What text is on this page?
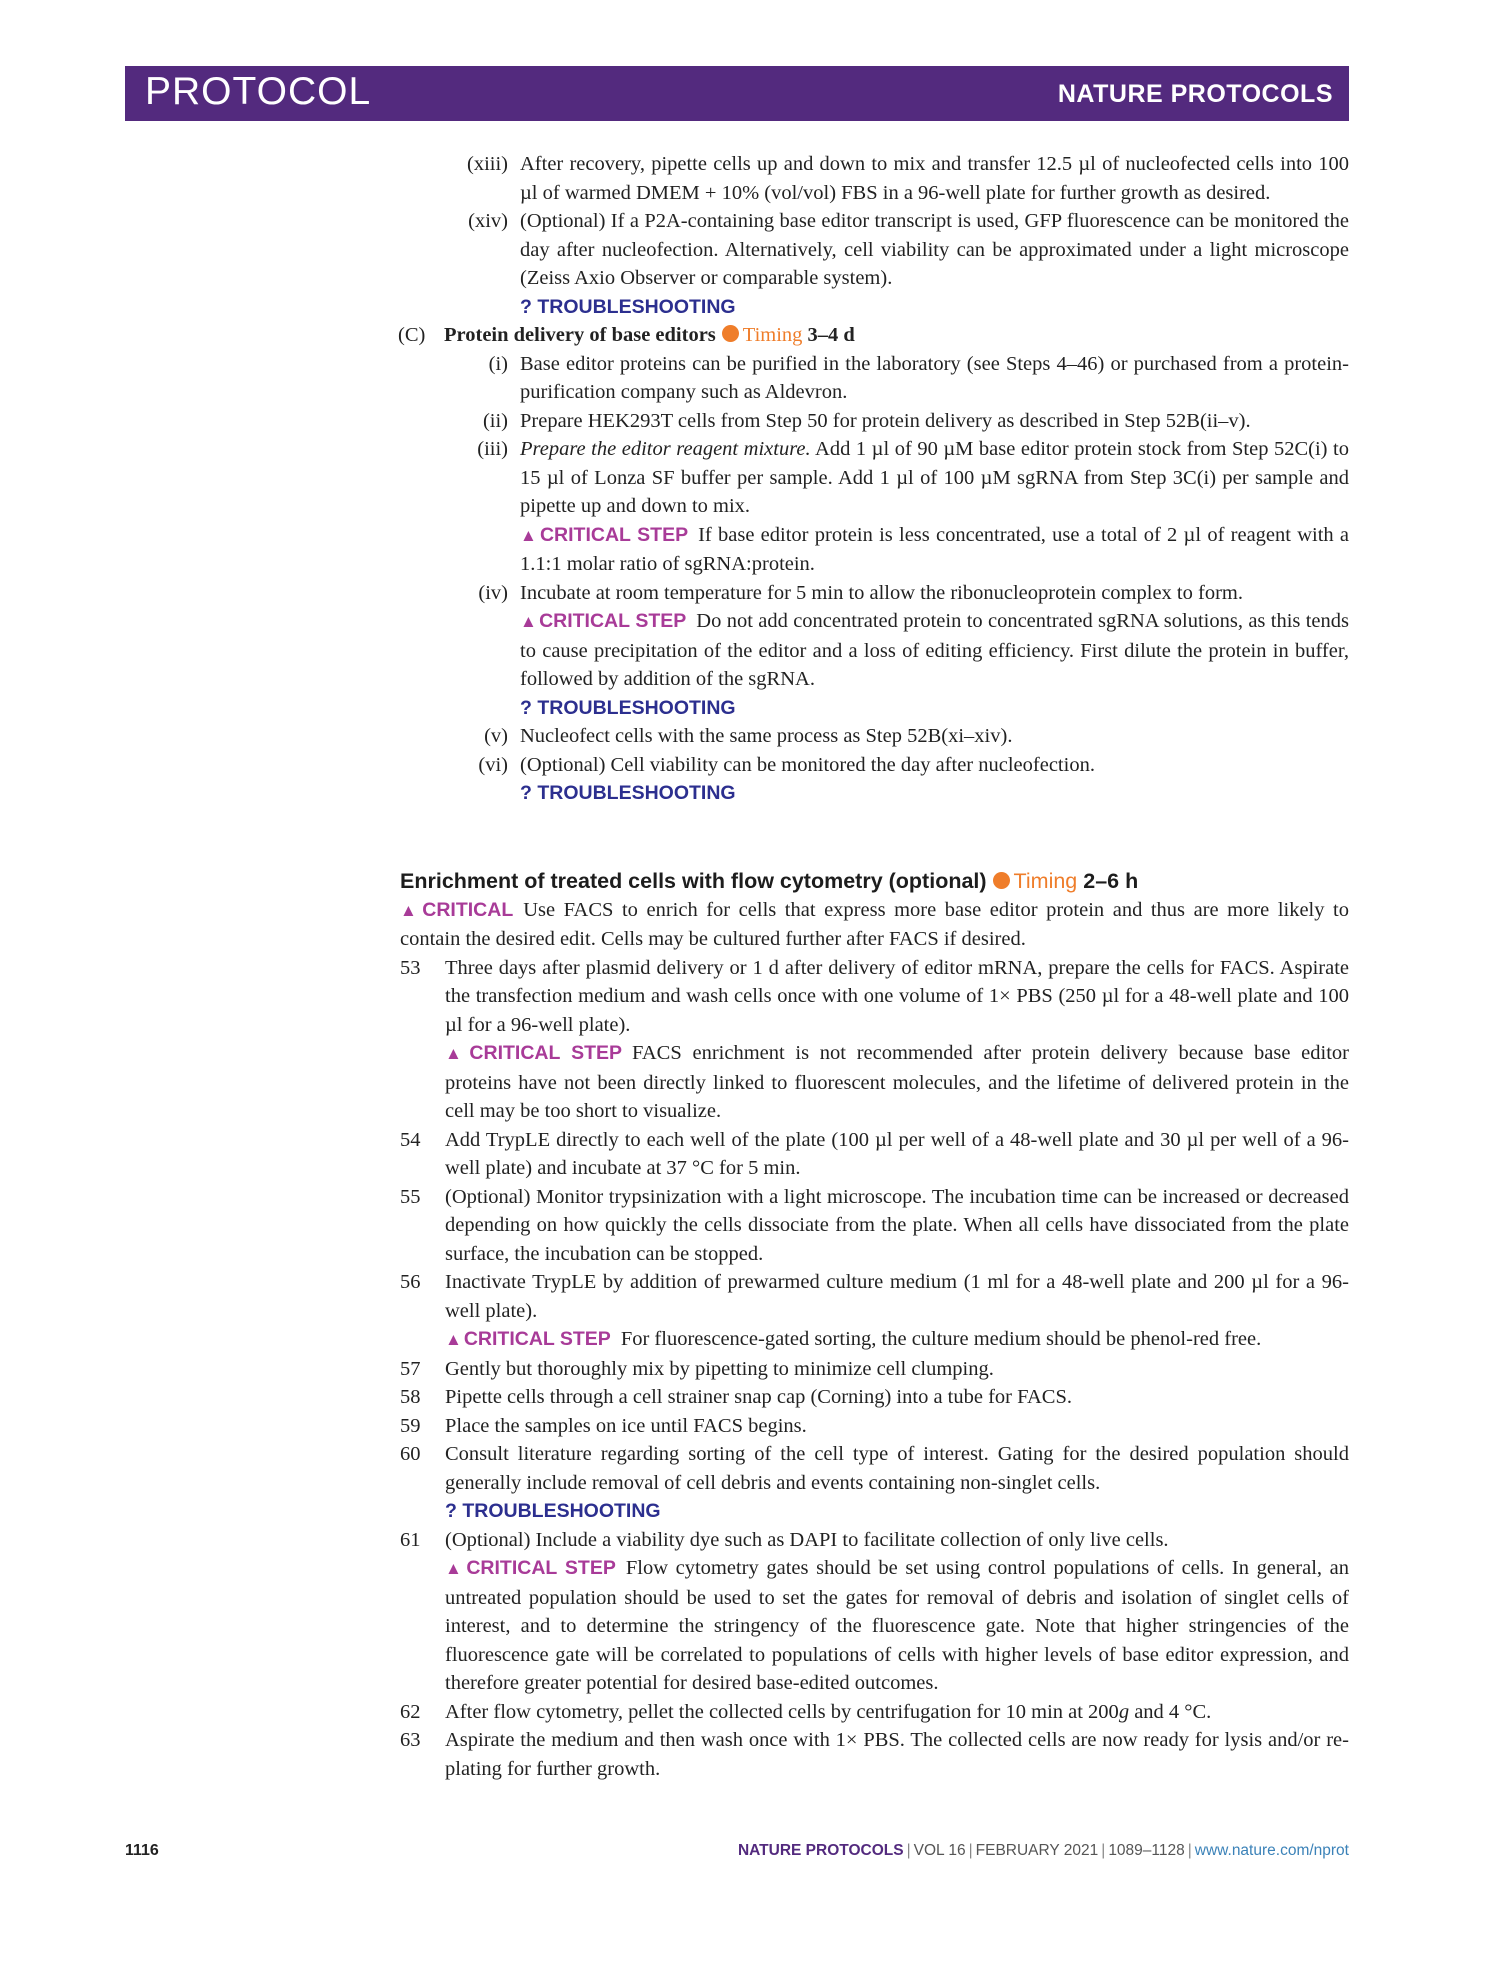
PROTOCOL	NATURE PROTOCOLS
(xiii) After recovery, pipette cells up and down to mix and transfer 12.5 µl of nucleofected cells into 100 µl of warmed DMEM + 10% (vol/vol) FBS in a 96-well plate for further growth as desired.
(xiv) (Optional) If a P2A-containing base editor transcript is used, GFP fluorescence can be monitored the day after nucleofection. Alternatively, cell viability can be approximated under a light microscope (Zeiss Axio Observer or comparable system).
? TROUBLESHOOTING
(C) Protein delivery of base editors Timing 3–4 d
(i) Base editor proteins can be purified in the laboratory (see Steps 4–46) or purchased from a protein-purification company such as Aldevron.
(ii) Prepare HEK293T cells from Step 50 for protein delivery as described in Step 52B(ii–v).
(iii) Prepare the editor reagent mixture. Add 1 µl of 90 µM base editor protein stock from Step 52C(i) to 15 µl of Lonza SF buffer per sample. Add 1 µl of 100 µM sgRNA from Step 3C(i) per sample and pipette up and down to mix.
▲ CRITICAL STEP If base editor protein is less concentrated, use a total of 2 µl of reagent with a 1.1:1 molar ratio of sgRNA:protein.
(iv) Incubate at room temperature for 5 min to allow the ribonucleoprotein complex to form.
▲ CRITICAL STEP Do not add concentrated protein to concentrated sgRNA solutions, as this tends to cause precipitation of the editor and a loss of editing efficiency. First dilute the protein in buffer, followed by addition of the sgRNA.
? TROUBLESHOOTING
(v) Nucleofect cells with the same process as Step 52B(xi–xiv).
(vi) (Optional) Cell viability can be monitored the day after nucleofection.
? TROUBLESHOOTING
Enrichment of treated cells with flow cytometry (optional) Timing 2–6 h
▲ CRITICAL Use FACS to enrich for cells that express more base editor protein and thus are more likely to contain the desired edit. Cells may be cultured further after FACS if desired.
53 Three days after plasmid delivery or 1 d after delivery of editor mRNA, prepare the cells for FACS. Aspirate the transfection medium and wash cells once with one volume of 1× PBS (250 µl for a 48-well plate and 100 µl for a 96-well plate).
▲ CRITICAL STEP FACS enrichment is not recommended after protein delivery because base editor proteins have not been directly linked to fluorescent molecules, and the lifetime of delivered protein in the cell may be too short to visualize.
54 Add TrypLE directly to each well of the plate (100 µl per well of a 48-well plate and 30 µl per well of a 96-well plate) and incubate at 37 °C for 5 min.
55 (Optional) Monitor trypsinization with a light microscope. The incubation time can be increased or decreased depending on how quickly the cells dissociate from the plate. When all cells have dissociated from the plate surface, the incubation can be stopped.
56 Inactivate TrypLE by addition of prewarmed culture medium (1 ml for a 48-well plate and 200 µl for a 96-well plate).
▲ CRITICAL STEP For fluorescence-gated sorting, the culture medium should be phenol-red free.
57 Gently but thoroughly mix by pipetting to minimize cell clumping.
58 Pipette cells through a cell strainer snap cap (Corning) into a tube for FACS.
59 Place the samples on ice until FACS begins.
60 Consult literature regarding sorting of the cell type of interest. Gating for the desired population should generally include removal of cell debris and events containing non-singlet cells.
? TROUBLESHOOTING
61 (Optional) Include a viability dye such as DAPI to facilitate collection of only live cells.
▲ CRITICAL STEP Flow cytometry gates should be set using control populations of cells. In general, an untreated population should be used to set the gates for removal of debris and isolation of singlet cells of interest, and to determine the stringency of the fluorescence gate. Note that higher stringencies of the fluorescence gate will be correlated to populations of cells with higher levels of base editor expression, and therefore greater potential for desired base-edited outcomes.
62 After flow cytometry, pellet the collected cells by centrifugation for 10 min at 200g and 4 °C.
63 Aspirate the medium and then wash once with 1× PBS. The collected cells are now ready for lysis and/or re-plating for further growth.
1116	NATURE PROTOCOLS | VOL 16 | FEBRUARY 2021 | 1089–1128 | www.nature.com/nprot
